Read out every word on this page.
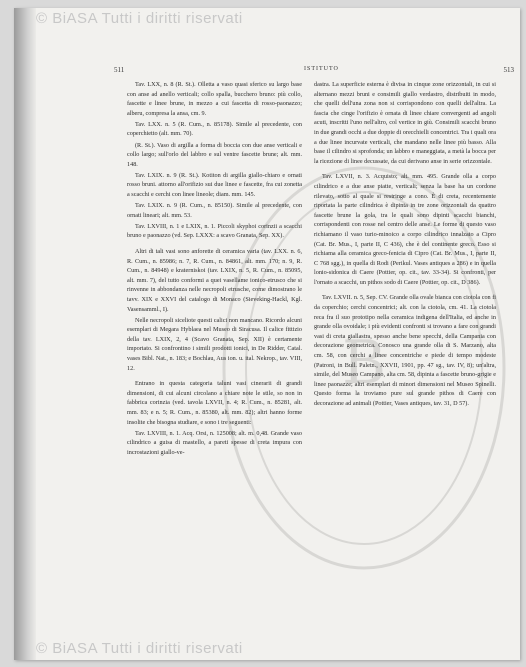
© BiASA Tutti i diritti riservati
B
511	ISTITUTO	513

Tav. LXX, n. 8 (R. St.). Olletta a vaso quasi sferico su largo base con anse ad anello verticali; collo spalla, bucchero bruno: più collo, fascette e linee brune, in mezzo a cui fascetta di rosso-paonazzo; alberu, compresa la ansa, cm. 9.

Tav. LXX. n. 5 (R. Cum., n. 85178). Simile al precedente, con coperchietto (alt. mm. 70).

(R. St.). Vaso di argilla a forma di boccia con due anse verticali e collo largo; sull'orlo del labbro e sul ventre fascette brune; alt. mm. 148.

Tav. LXIX. n. 9 (R. St.). Kotiton di argilla giallo-chiaro e ornati rosso bruni. attorno all'orifizio sui due linee e fascette, fra cui zonetta a scacchi e cerchi con linee lineole; diam. mm. 145.

Tav. LXIX. n. 9 (R. Cum., n. 85150). Simile al precedente, con ornati lineari; alt. mm. 53.

Tav. LXVIII, n. 1 e LXIX, n. 1. Piccoli skyphoi corinzii a scacchi bruno e paonazzo (vd. Sep. LXXX: a scavo Granata, Sep. XX).

Altri di tali vasi sono anforette di ceramica varia (tav. LXX. n. 6, R. Cum., n. 85986; n. 7, R. Cum., n. 84861, alt. mm. 170; n. 9, R. Cum., n. 84948) e kraterniskoi (tav. LXIX, n. 5, R. Cum., n. 85095, alt. mm. 7), del tutto conformi a quei vasellame ionico-etrusco che si rinvenne in abbondanza nelle necropoli etrusche, come dimostrano le tavv. XIX e XXVI del catalogo di Monaco (Sieveking-Hackl, Kgl. Vasensamml., I).

Nelle necropoli siceliote questi calici non mancano. Ricordo alcuni esemplari di Megara Hyblaea nel Museo di Siracusa. Il calice fittizio della tav. LXIX, 2, 4 (Scavo Granata, Sep. XII) è certamente importato. Si confrontino i simili prodotti ionici, in De Ridder, Catal. vases Bibl. Nat., n. 183; e Bochlau, Aus ion. u. ital. Nekrop., tav. VIII, 12.

Entrano in questa categoria taluni vasi cinerarii di grandi dimensioni, di cui alcuni circolano a chiare note le stile, so non in fabbrica corinzia (ved. tavola LXVII, n. 4; R. Cum., n. 85281, alt. mm. 83; e n. 5; R. Cum., n. 85380, alt. mm. 82); altri hanno forme insolite che bisogna studiare, e sono i tre seguenti:

Tav. LXVIII, n. 1. Acq. Orsi, n. 125008; alt. m. 0,48. Grande vaso cilindrico a guisa di mastello, a pareti spesse di creta impura con incrostazioni giallo-ve-

dastra. La superficie esterna è divisa in cinque zone orizzontali, in cui si alternano mezzi bruni e consimili giallo verdastro, distribuiti in modo, che quelli dell'una zona non si corrispondono con quelli dell'altra. La fascia che cinge l'orifizio è ornata di linee chiare convergenti ad angoli acuti, inscritti l'uno nell'altro, col vertice in giù. Consimili scacchi bruno in due grandi occhi a due doppie di orecchielli concentrici. Tra i quali ora a due linee incurvate verticali, che mandano nelle linee più basso. Alla base il cilindro si sprofonda; un labbro e maneggiata, a metà la bocca per la ricezione di linee decussate, da cui derivano anse in serie orizzontale.

Tav. LXVII, n. 3. Acquisto; alt. mm. 495. Grande olla a corpo cilindrico e a due anse piatte, verticali; senza la base ha un cordone rilevato, sotto al quale si restringe a cono. È di creta, recentemente riportata la parte cilindrica è dipinta in tre zone orizzontali da quattro fascette brune la gola, tra le quali sono dipinti scacchi bianchi, corrispondenti con rosse nel centro delle anse. Le forme di questo vaso richiamano il vaso turio-minoico a corpo cilindrico innalzato a Cipro (Cat. Br. Mus., I, parte II, C 436), che è del continente greco. Esso si richiama alla ceramica greco-fenicia di Cipro (Cat. Br. Mus., I, parte II, C 768 sgg.), in quella di Rodi (Perikul. Vases antiques a 286) e in quella lonio-sidonica di Caere (Pottier, op. cit., tav. 33-34). Si confronti, per l'ornato a scacchi, un pithos sodo di Caere (Pottier, op. cit., D 386).

Tav. LXVII. n. 5, Sep. CV. Grande olla ovale bianca con ciotola con fi da coperchio; cerchi concentrici; alt. con la ciotola, cm. 41. La ciotola reca fra il suo prototipo nella ceramica indigena dell'Italia, ed anche in grande olla ovoidale; i più evidenti confronti si trovano a fare con grandi vasi di creta giallastra, spesso anche bene specchi, della Campania con decorazione geometrica. Conosco una grande olla di S. Marzano, alta cm. 58, con cerchi a linee concentriche e piede di tempo modeste (Patroni, in Bull. Paletn., XXVII, 1901, pp. 47 sg., tav. IV, 8); un'altra, simile, del Museo Campano, alta cm. 58, dipinta a fascette bruno-grigie e linee paonazze; altri esemplari di minori dimensioni nel Museo Spinelli. Questo forma la troviamo pure sul grande pithos di Caere con decorazione ad animali (Pottier, Vases antiques, tav. 31, D 57).

© BiASA Tutti i diritti riservati
